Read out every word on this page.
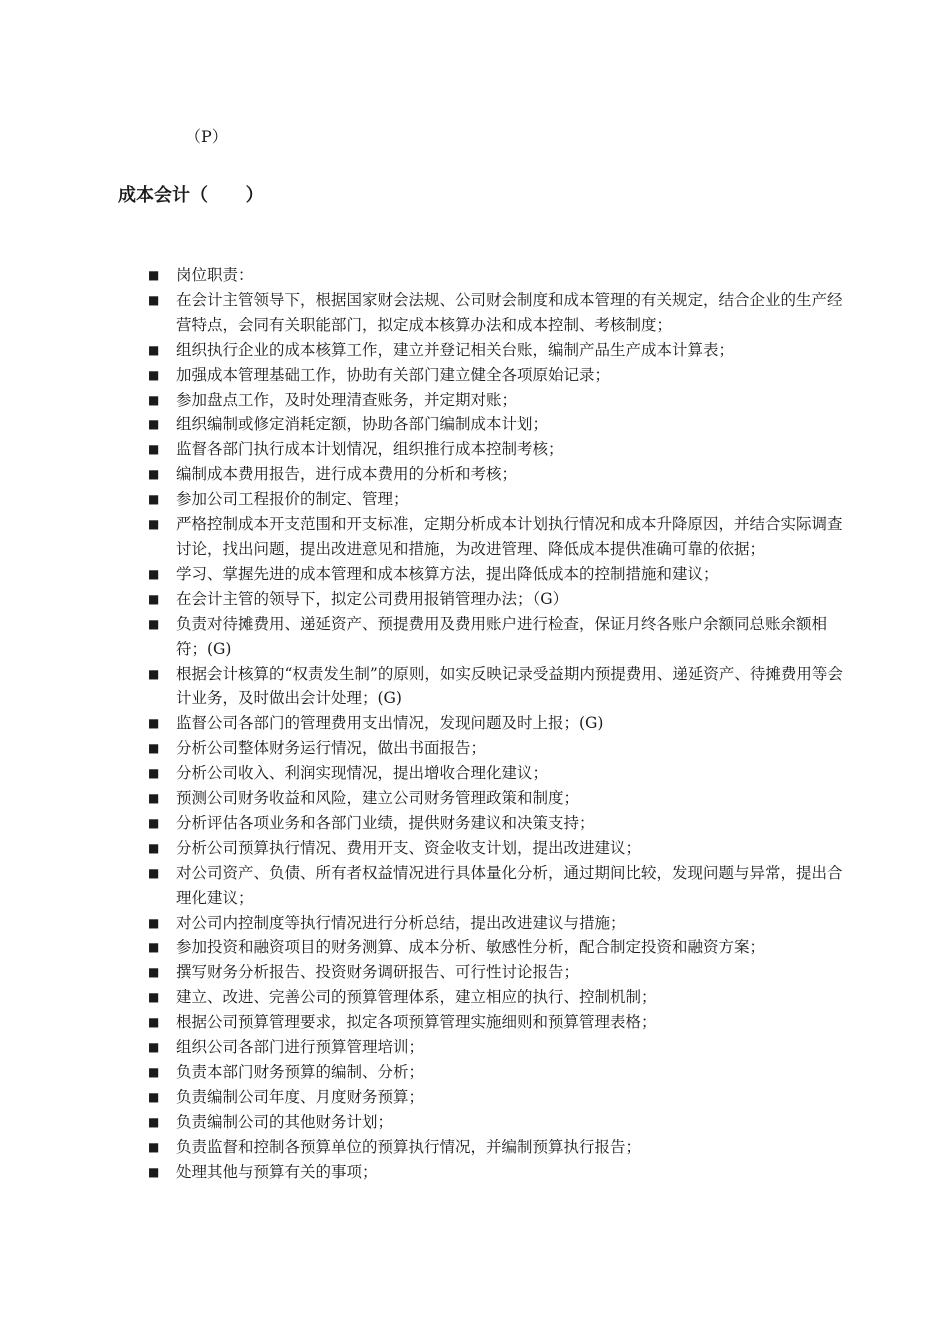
（P）
成本会计（      ）
■	岗位职责：
■	在会计主管领导下，根据国家财会法规、公司财会制度和成本管理的有关规定，结合企业的生产经营特点，会同有关职能部门，拟定成本核算办法和成本控制、考核制度；
■	组织执行企业的成本核算工作，建立并登记相关台账，编制产品生产成本计算表；
■	加强成本管理基础工作，协助有关部门建立健全各项原始记录；
■	参加盘点工作，及时处理清查账务，并定期对账；
■	组织编制或修定消耗定额，协助各部门编制成本计划；
■	监督各部门执行成本计划情况，组织推行成本控制考核；
■	编制成本费用报告，进行成本费用的分析和考核；
■	参加公司工程报价的制定、管理；
■	严格控制成本开支范围和开支标准，定期分析成本计划执行情况和成本升降原因，并结合实际调查讨论，找出问题，提出改进意见和措施，为改进管理、降低成本提供准确可靠的依据；
■	学习、掌握先进的成本管理和成本核算方法，提出降低成本的控制措施和建议；
■	在会计主管的领导下，拟定公司费用报销管理办法；（G）
■	负责对待摊费用、递延资产、预提费用及费用账户进行检查，保证月终各账户余额同总账余额相符；(G)
■	根据会计核算的“权责发生制”的原则，如实反映记录受益期内预提费用、递延资产、待摊费用等会计业务，及时做出会计处理；(G)
■	监督公司各部门的管理费用支出情况，发现问题及时上报；(G)
■	分析公司整体财务运行情况，做出书面报告；
■	分析公司收入、利润实现情况，提出增收合理化建议；
■	预测公司财务收益和风险，建立公司财务管理政策和制度；
■	分析评估各项业务和各部门业绩，提供财务建议和决策支持；
■	分析公司预算执行情况、费用开支、资金收支计划，提出改进建议；
■	对公司资产、负债、所有者权益情况进行具体量化分析，通过期间比较，发现问题与异常，提出合理化建议；
■	对公司内控制度等执行情况进行分析总结，提出改进建议与措施；
■	参加投资和融资项目的财务测算、成本分析、敏感性分析，配合制定投资和融资方案；
■	撰写财务分析报告、投资财务调研报告、可行性讨论报告；
■	建立、改进、完善公司的预算管理体系，建立相应的执行、控制机制；
■	根据公司预算管理要求，拟定各项预算管理实施细则和预算管理表格；
■	组织公司各部门进行预算管理培训；
■	负责本部门财务预算的编制、分析；
■	负责编制公司年度、月度财务预算；
■	负责编制公司的其他财务计划；
■	负责监督和控制各预算单位的预算执行情况，并编制预算执行报告；
■	处理其他与预算有关的事项；
